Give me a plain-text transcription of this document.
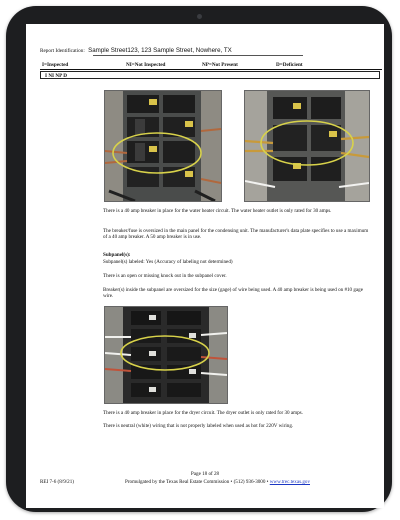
Report Identification: Sample Street123, 123 Sample Street, Nowhere, TX
I=Inspected	NI=Not Inspected	NP=Not Present	D=Deficient
I NI NP D
There is a 40 amp breaker in place for the water heater circuit. The water heater outlet is only rated for 30 amps.
The breaker/fuse is oversized in the main panel for the condensing unit. The manufacturer's data plate specifies to use a maximum of a 40 amp breaker. A 50 amp breaker is in use.
Subpanel(s):
Subpanel(s) labeled: Yes (Accuracy of labeling not determined)
There is an open or missing knock out in the subpanel cover.
Breaker(s) inside the subpanel are oversized for the size (gage) of wire being used. A 40 amp breaker is being used on #10 gage wire.
There is a 40 amp breaker in place for the dryer circuit. The dryer outlet is only rated for 30 amps.
There is neutral (white) wiring that is not properly labeled when used as hot for 220V wiring.
Page 18 of 28
REI 7-6 (8/9/21)	Promulgated by the Texas Real Estate Commission • (512) 936-3000 • www.trec.texas.gov
